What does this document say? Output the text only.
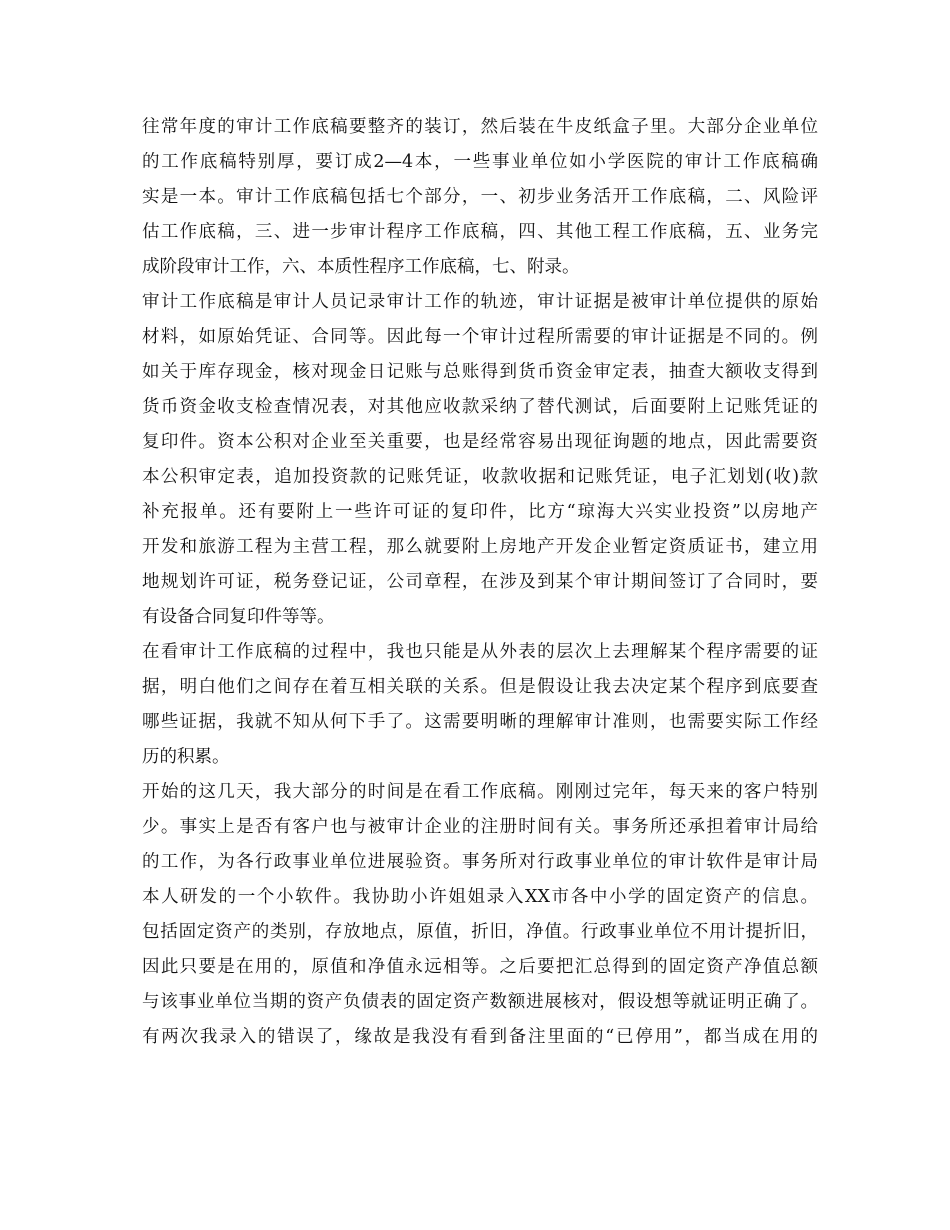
往常年度的审计工作底稿要整齐的装订，然后装在牛皮纸盒子里。大部分企业单位
的工作底稿特别厚，要订成2—4本，一些事业单位如小学医院的审计工作底稿确
实是一本。审计工作底稿包括七个部分，一、初步业务活开工作底稿，二、风险评
估工作底稿，三、进一步审计程序工作底稿，四、其他工程工作底稿，五、业务完
成阶段审计工作，六、本质性程序工作底稿，七、附录。
审计工作底稿是审计人员记录审计工作的轨迹，审计证据是被审计单位提供的原始
材料，如原始凭证、合同等。因此每一个审计过程所需要的审计证据是不同的。例
如关于库存现金，核对现金日记账与总账得到货币资金审定表，抽查大额收支得到
货币资金收支检查情况表，对其他应收款采纳了替代测试，后面要附上记账凭证的
复印件。资本公积对企业至关重要，也是经常容易出现征询题的地点，因此需要资
本公积审定表，追加投资款的记账凭证，收款收据和记账凭证，电子汇划划(收)款
补充报单。还有要附上一些许可证的复印件，比方“琼海大兴实业投资”以房地产
开发和旅游工程为主营工程，那么就要附上房地产开发企业暂定资质证书，建立用
地规划许可证，税务登记证，公司章程，在涉及到某个审计期间签订了合同时，要
有设备合同复印件等等。
在看审计工作底稿的过程中，我也只能是从外表的层次上去理解某个程序需要的证
据，明白他们之间存在着互相关联的关系。但是假设让我去决定某个程序到底要查
哪些证据，我就不知从何下手了。这需要明晰的理解审计准则，也需要实际工作经
历的积累。
开始的这几天，我大部分的时间是在看工作底稿。刚刚过完年，每天来的客户特别
少。事实上是否有客户也与被审计企业的注册时间有关。事务所还承担着审计局给
的工作，为各行政事业单位进展验资。事务所对行政事业单位的审计软件是审计局
本人研发的一个小软件。我协助小许姐姐录入XX市各中小学的固定资产的信息。
包括固定资产的类别，存放地点，原值，折旧，净值。行政事业单位不用计提折旧，
因此只要是在用的，原值和净值永远相等。之后要把汇总得到的固定资产净值总额
与该事业单位当期的资产负债表的固定资产数额进展核对，假设想等就证明正确了。
有两次我录入的错误了，缘故是我没有看到备注里面的“已停用”，都当成在用的
